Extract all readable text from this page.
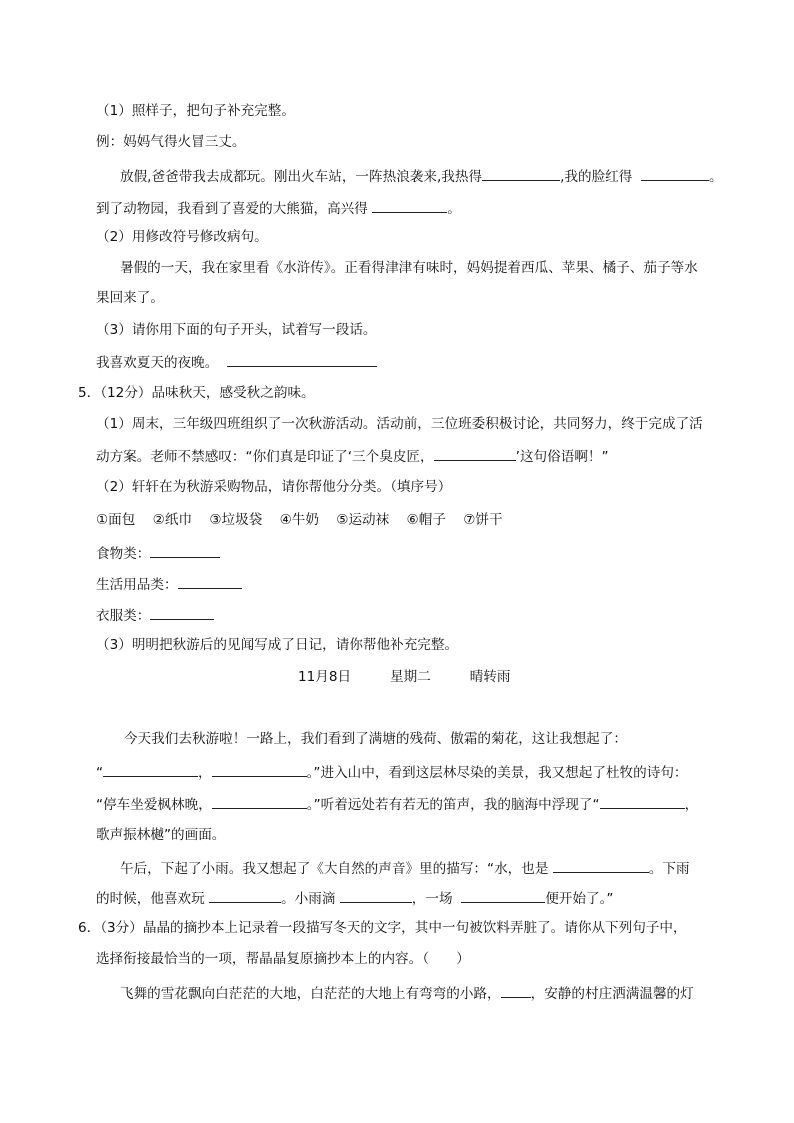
（1）照样子，把句子补充完整。
例：妈妈气得火冒三丈。
放假,爸爸带我去成都玩。刚出火车站，一阵热浪袭来,我热得	,我的脸红得	。
到了动物园，我看到了喜爱的大熊猫，高兴得	。
（2）用修改符号修改病句。
暑假的一天，我在家里看《水浒传》。正看得津津有味时，妈妈提着西瓜、苹果、橘子、茄子等水
果回来了。
（3）请你用下面的句子开头，试着写一段话。
我喜欢夏天的夜晚。
5．（12分）品味秋天，感受秋之韵味。
（1）周末，三年级四班组织了一次秋游活动。活动前，三位班委积极讨论，共同努力，终于完成了活
动方案。老师不禁感叹：“你们真是印证了‘三个臭皮匠，	’这句俗语啊！”
（2）轩轩在为秋游采购物品，请你帮他分分类。（填序号）
①面包 ②纸巾 ③垃圾袋 ④牛奶 ⑤运动袜 ⑥帽子 ⑦饼干
食物类：
生活用品类：
衣服类：
（3）明明把秋游后的见闻写成了日记，请你帮他补充完整。
11月8日	星期二	晴转雨
今天我们去秋游啦！一路上，我们看到了满塘的残荷、傲霜的菊花，这让我想起了：
“	，	。”进入山中，看到这层林尽染的美景，我又想起了杜牧的诗句：
“停车坐爱枫林晚，	。”听着远处若有若无的笛声，我的脑海中浮现了“	，
歌声振林樾”的画面。
午后，下起了小雨。我又想起了《大自然的声音》里的描写：“水，也是	。下雨
的时候，他喜欢玩	。小雨滴	，一场	便开始了。”
6．（3分）晶晶的摘抄本上记录着一段描写冬天的文字，其中一句被饮料弄脏了。请你从下列句子中，
选择衔接最恰当的一项，帮晶晶复原摘抄本上的内容。（　　）
飞舞的雪花飘向白茫茫的大地，白茫茫的大地上有弯弯的小路， ，安静的村庄洒满温馨的灯
